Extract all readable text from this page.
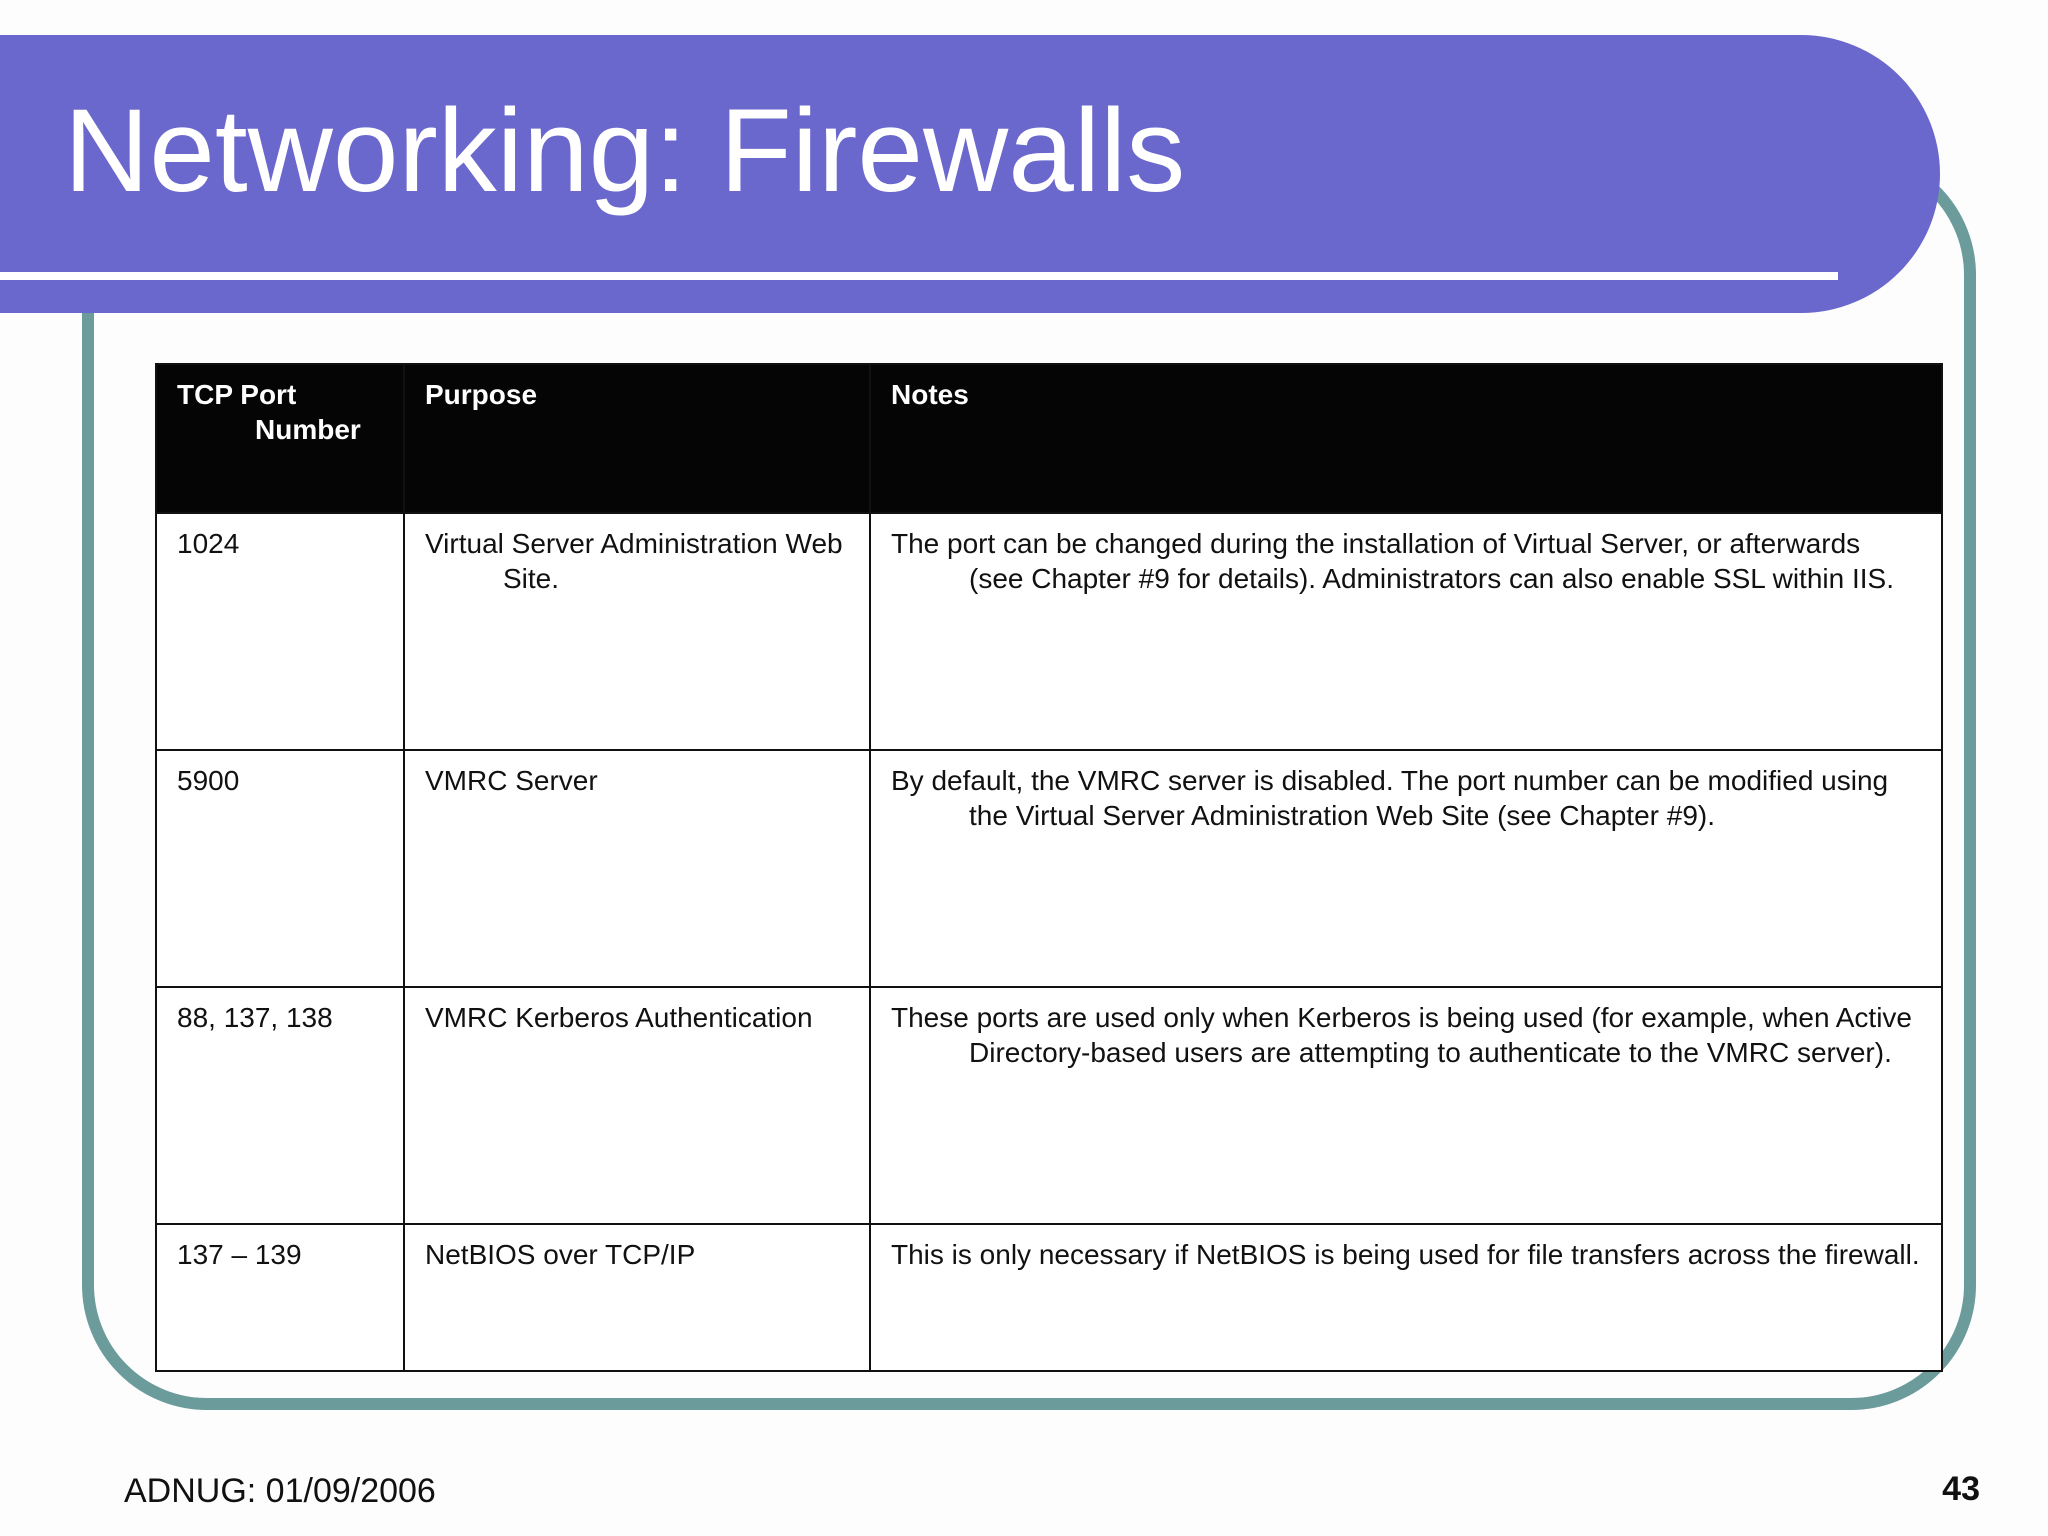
Networking: Firewalls
TCP Port Number	Purpose	Notes

1024	Virtual Server Administration Web Site.	The port can be changed during the installation of Virtual Server, or afterwards (see Chapter #9 for details). Administrators can also enable SSL within IIS.

5900	VMRC Server	By default, the VMRC server is disabled. The port number can be modified using the Virtual Server Administration Web Site (see Chapter #9).

88, 137, 138	VMRC Kerberos Authentication	These ports are used only when Kerberos is being used (for example, when Active Directory-based users are attempting to authenticate to the VMRC server).

137 – 139	NetBIOS over TCP/IP	This is only necessary if NetBIOS is being used for file transfers across the firewall.
ADNUG: 01/09/2006	43
